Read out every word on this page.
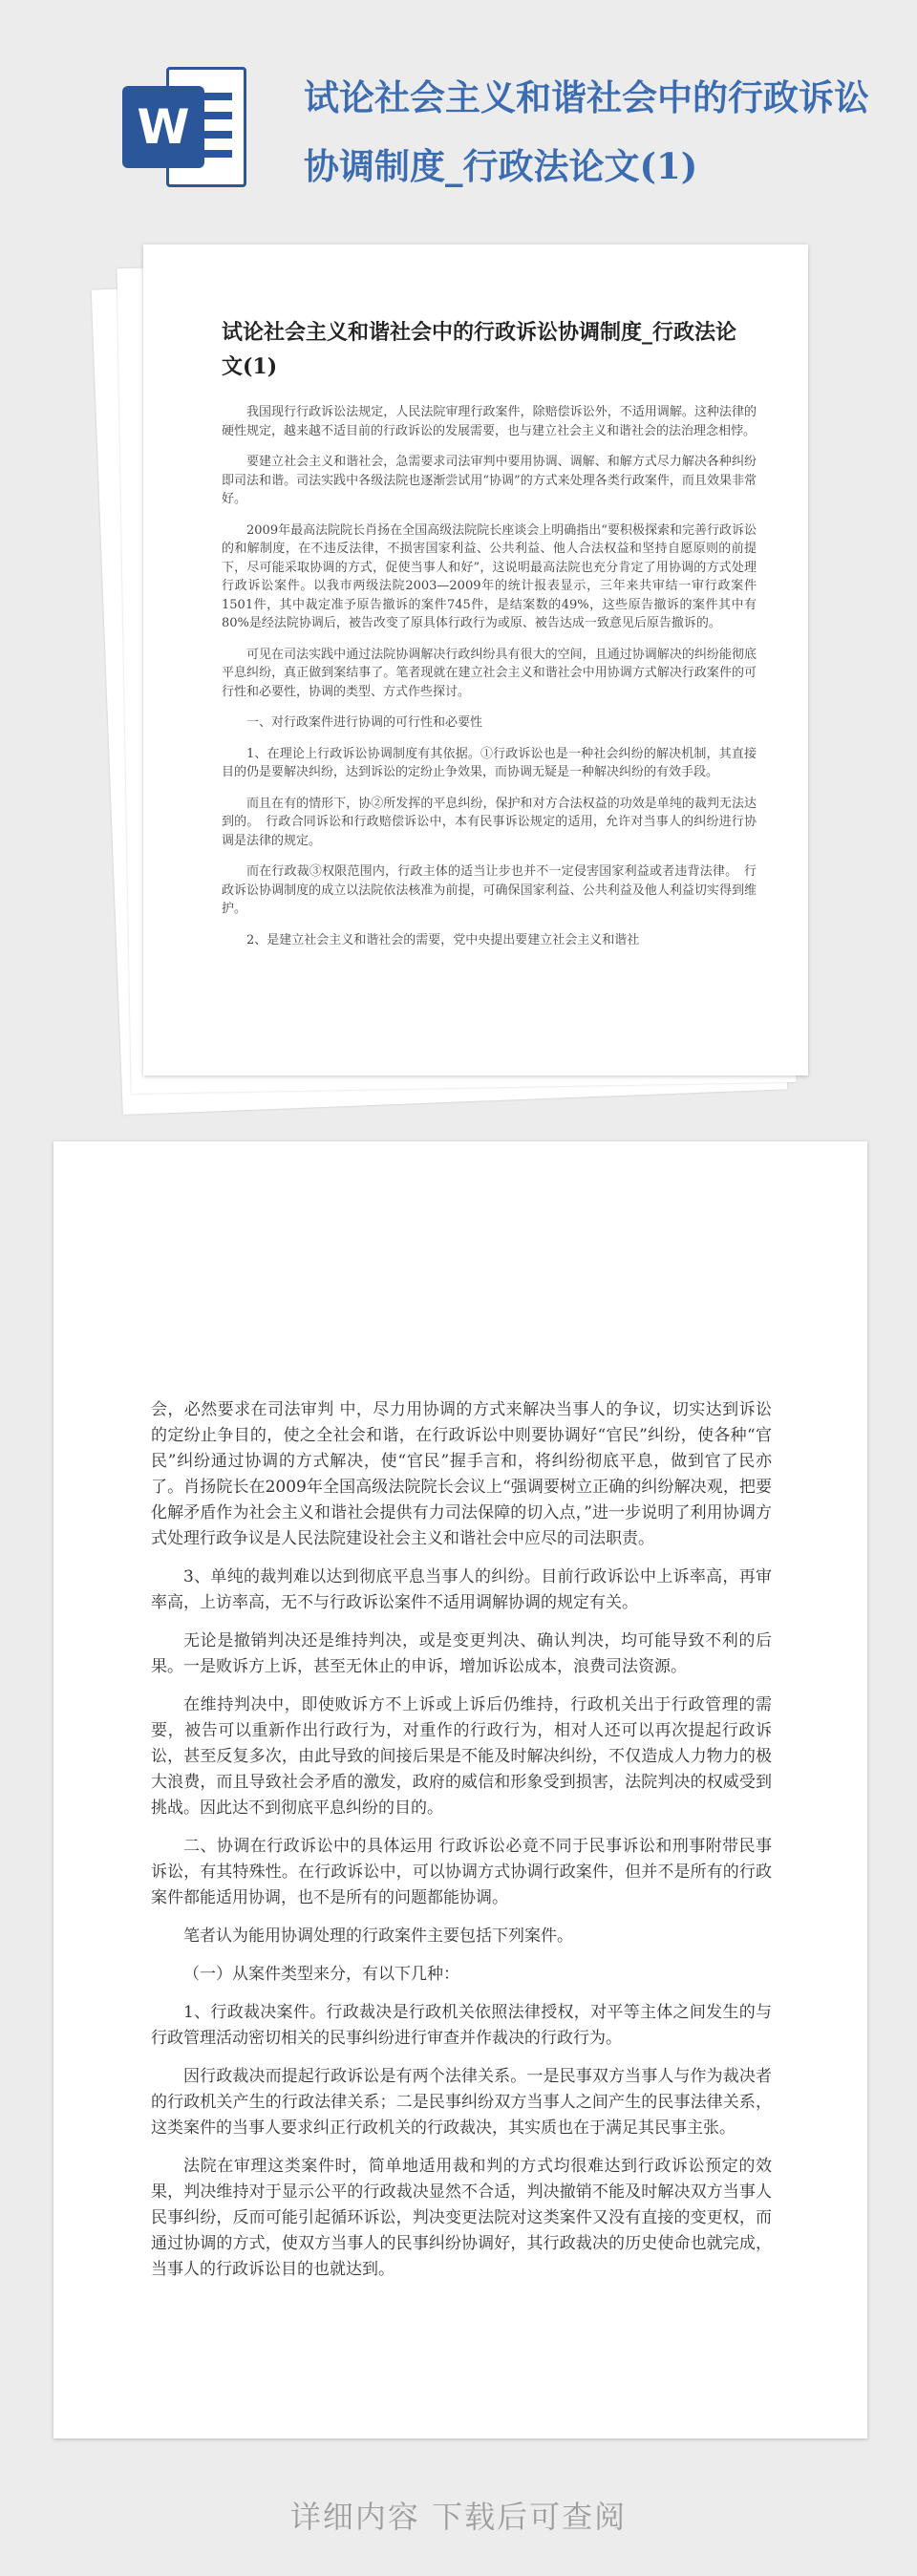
W
试论社会主义和谐社会中的行政诉讼协调制度_行政法论文(1)
试论社会主义和谐社会中的行政诉讼协调制度_行政法论文(1)

我国现行行政诉讼法规定，人民法院审理行政案件，除赔偿诉讼外，不适用调解。这种法律的硬性规定，越来越不适目前的行政诉讼的发展需要，也与建立社会主义和谐社会的法治理念相悖。

要建立社会主义和谐社会，急需要求司法审判中要用协调、调解、和解方式尽力解决各种纠纷即司法和谐。司法实践中各级法院也逐渐尝试用“协调”的方式来处理各类行政案件，而且效果非常好。

2009年最高法院院长肖扬在全国高级法院院长座谈会上明确指出“要积极探索和完善行政诉讼的和解制度，在不违反法律，不损害国家利益、公共利益、他人合法权益和坚持自愿原则的前提下，尽可能采取协调的方式，促使当事人和好”，这说明最高法院也充分肯定了用协调的方式处理行政诉讼案件。以我市两级法院2003—2009年的统计报表显示，三年来共审结一审行政案件1501件，其中裁定准予原告撤诉的案件745件，是结案数的49%，这些原告撤诉的案件其中有80%是经法院协调后，被告改变了原具体行政行为或原、被告达成一致意见后原告撤诉的。

可见在司法实践中通过法院协调解决行政纠纷具有很大的空间，且通过协调解决的纠纷能彻底平息纠纷，真正做到案结事了。笔者现就在建立社会主义和谐社会中用协调方式解决行政案件的可行性和必要性，协调的类型、方式作些探讨。

一、对行政案件进行协调的可行性和必要性

1、在理论上行政诉讼协调制度有其依据。①行政诉讼也是一种社会纠纷的解决机制，其直接目的仍是要解决纠纷，达到诉讼的定纷止争效果，而协调无疑是一种解决纠纷的有效手段。

而且在有的情形下，协②所发挥的平息纠纷，保护和对方合法权益的功效是单纯的裁判无法达到的。　行政合同诉讼和行政赔偿诉讼中，本有民事诉讼规定的适用，允许对当事人的纠纷进行协调是法律的规定。

而在行政裁③权限范围内，行政主体的适当让步也并不一定侵害国家利益或者违背法律。　行政诉讼协调制度的成立以法院依法核准为前提，可确保国家利益、公共利益及他人利益切实得到维护。

2、是建立社会主义和谐社会的需要，党中央提出要建立社会主义和谐社

会，必然要求在司法审判 中，尽力用协调的方式来解决当事人的争议，切实达到诉讼的定纷止争目的，使之全社会和谐，在行政诉讼中则要协调好“官民”纠纷，使各种“官民”纠纷通过协调的方式解决，使“官民”握手言和，将纠纷彻底平息，做到官了民亦了。肖扬院长在2009年全国高级法院院长会议上“强调要树立正确的纠纷解决观，把要化解矛盾作为社会主义和谐社会提供有力司法保障的切入点，”进一步说明了利用协调方式处理行政争议是人民法院建设社会主义和谐社会中应尽的司法职责。

3、单纯的裁判难以达到彻底平息当事人的纠纷。目前行政诉讼中上诉率高，再审率高，上访率高，无不与行政诉讼案件不适用调解协调的规定有关。

无论是撤销判决还是维持判决，或是变更判决、确认判决，均可能导致不利的后果。一是败诉方上诉，甚至无休止的申诉，增加诉讼成本，浪费司法资源。

在维持判决中，即使败诉方不上诉或上诉后仍维持，行政机关出于行政管理的需要，被告可以重新作出行政行为，对重作的行政行为，相对人还可以再次提起行政诉讼，甚至反复多次，由此导致的间接后果是不能及时解决纠纷，不仅造成人力物力的极大浪费，而且导致社会矛盾的激发，政府的威信和形象受到损害，法院判决的权威受到挑战。因此达不到彻底平息纠纷的目的。

二、协调在行政诉讼中的具体运用 行政诉讼必竟不同于民事诉讼和刑事附带民事诉讼，有其特殊性。在行政诉讼中，可以协调方式协调行政案件，但并不是所有的行政案件都能适用协调，也不是所有的问题都能协调。

笔者认为能用协调处理的行政案件主要包括下列案件。

（一）从案件类型来分，有以下几种：

1、行政裁决案件。行政裁决是行政机关依照法律授权，对平等主体之间发生的与行政管理活动密切相关的民事纠纷进行审查并作裁决的行政行为。

因行政裁决而提起行政诉讼是有两个法律关系。一是民事双方当事人与作为裁决者的行政机关产生的行政法律关系；二是民事纠纷双方当事人之间产生的民事法律关系，这类案件的当事人要求纠正行政机关的行政裁决，其实质也在于满足其民事主张。

法院在审理这类案件时，简单地适用裁和判的方式均很难达到行政诉讼预定的效果，判决维持对于显示公平的行政裁决显然不合适，判决撤销不能及时解决双方当事人民事纠纷，反而可能引起循环诉讼，判决变更法院对这类案件又没有直接的变更权，而通过协调的方式，使双方当事人的民事纠纷协调好，其行政裁决的历史使命也就完成，当事人的行政诉讼目的也就达到。

详细内容 下载后可查阅
